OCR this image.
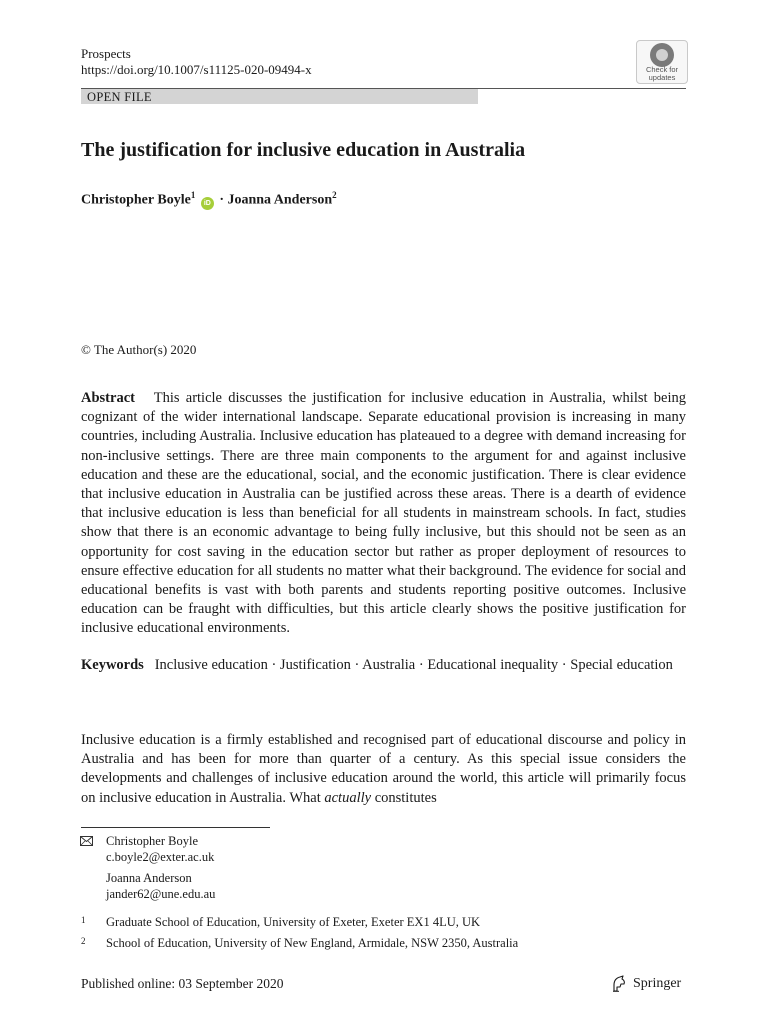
Prospects
https://doi.org/10.1007/s11125-020-09494-x	Check for
updates
OPEN FILE
The justification for inclusive education in Australia
Christopher Boyle$^1$ iD · Joanna Anderson$^2$
© The Author(s) 2020

Abstract This article discusses the justification for inclusive education in Australia, whilst being cognizant of the wider international landscape. Separate educational provision is increasing in many countries, including Australia. Inclusive education has plateaued to a degree with demand increasing for non-inclusive settings. There are three main components to the argument for and against inclusive education and these are the educational, social, and the economic justification. There is clear evidence that inclusive education in Australia can be justified across these areas. There is a dearth of evidence that inclusive education is less than beneficial for all students in mainstream schools. In fact, studies show that there is an economic advantage to being fully inclusive, but this should not be seen as an opportunity for cost saving in the education sector but rather as proper deployment of resources to ensure effective education for all students no matter what their background. The evidence for social and educational benefits is vast with both parents and students reporting positive outcomes. Inclusive education can be fraught with difficulties, but this article clearly shows the positive justification for inclusive educational environments.

Keywords Inclusive education · Justification · Australia · Educational inequality · Special education

Inclusive education is a firmly established and recognised part of educational discourse and policy in Australia and has been for more than quarter of a century. As this special issue considers the developments and challenges of inclusive education around the world, this article will primarily focus on inclusive education in Australia. What actually constitutes

Christopher Boyle
c.boyle2@exter.ac.uk
Joanna Anderson
jander62@une.edu.au
$^1$ Graduate School of Education, University of Exeter, Exeter EX1 4LU, UK
$^2$ School of Education, University of New England, Armidale, NSW 2350, Australia
Published online: 03 September 2020	Springer
